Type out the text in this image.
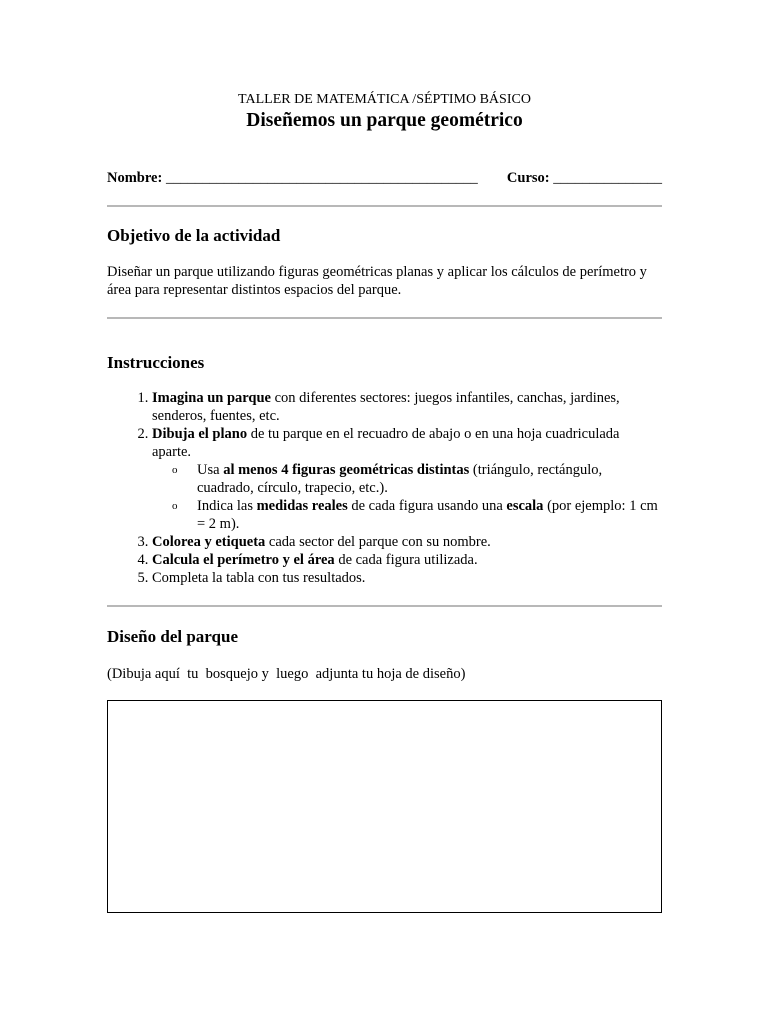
TALLER DE MATEMÁTICA /SÉPTIMO BÁSICO
Diseñemos un parque geométrico
Nombre: ___________________________________________ Curso: _______________
Objetivo de la actividad
Diseñar un parque utilizando figuras geométricas planas y aplicar los cálculos de perímetro y área para representar distintos espacios del parque.
Instrucciones
1. Imagina un parque con diferentes sectores: juegos infantiles, canchas, jardines, senderos, fuentes, etc.
2. Dibuja el plano de tu parque en el recuadro de abajo o en una hoja cuadriculada aparte.
o Usa al menos 4 figuras geométricas distintas (triángulo, rectángulo, cuadrado, círculo, trapecio, etc.).
o Indica las medidas reales de cada figura usando una escala (por ejemplo: 1 cm = 2 m).
3. Colorea y etiqueta cada sector del parque con su nombre.
4. Calcula el perímetro y el área de cada figura utilizada.
5. Completa la tabla con tus resultados.
Diseño del parque
(Dibuja aquí  tu  bosquejo y  luego  adjunta tu hoja de diseño)
